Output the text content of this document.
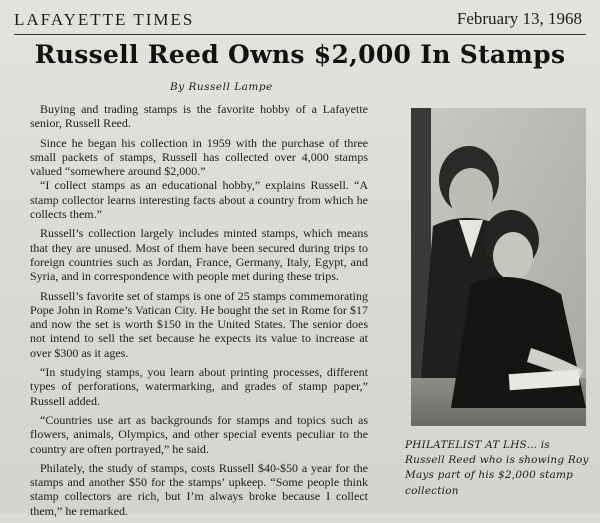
LAFAYETTE TIMES	February 13, 1968
Russell Reed Owns $2,000 In Stamps
By Russell Lampe

Buying and trading stamps is the favorite hobby of a Lafayette senior, Russell Reed.

Since he began his collection in 1959 with the purchase of three small packets of stamps, Russell has collected over 4,000 stamps valued “somewhere around $2,000.”

“I collect stamps as an educational hobby,” explains Russell. “A stamp collector learns interesting facts about a country from which he collects them.”

Russell’s collection largely includes minted stamps, which means that they are unused. Most of them have been secured during trips to foreign countries such as Jordan, France, Germany, Italy, Egypt, and Syria, and in correspondence with people met during these trips.

Russell’s favorite set of stamps is one of 25 stamps commemorating Pope John in Rome’s Vatican City. He bought the set in Rome for $17 and now the set is worth $150 in the United States. The senior does not intend to sell the set because he expects its value to increase at over $300 as it ages.

“In studying stamps, you learn about printing processes, different types of perforations, watermarking, and grades of stamp paper,” Russell added.

“Countries use art as backgrounds for stamps and topics such as flowers, animals, Olympics, and other special events peculiar to the country are often portrayed,” he said.

Philately, the study of stamps, costs Russell $40-$50 a year for the stamps and another $50 for the stamps’ upkeep. “Some people think stamp collectors are rich, but I’m always broke because I collect them,” he remarked.

PHILATELIST AT LHS... is Russell Reed who is showing Roy Mays part of his $2,000 stamp collection
